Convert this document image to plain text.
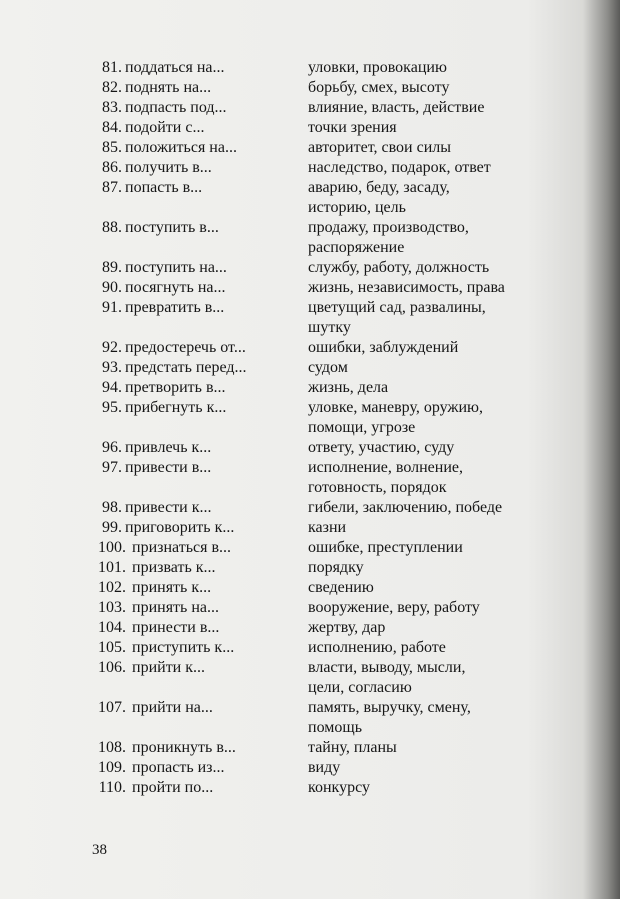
81. поддаться на...	уловки, провокацию
82. поднять на...	борьбу, смех, высоту
83. подпасть под...	влияние, власть, действие
84. подойти с...	точки зрения
85. положиться на...	авторитет, свои силы
86. получить в...	наследство, подарок, ответ
87. попасть в...	аварию, беду, засаду,
историю, цель
88. поступить в...	продажу, производство,
распоряжение
89. поступить на...	службу, работу, должность
90. посягнуть на...	жизнь, независимость, права
91. превратить в...	цветущий сад, развалины,
шутку
92. предостеречь от...	ошибки, заблуждений
93. предстать перед...	судом
94. претворить в...	жизнь, дела
95. прибегнуть к...	уловке, маневру, оружию,
помощи, угрозе
96. привлечь к...	ответу, участию, суду
97. привести в...	исполнение, волнение,
готовность, порядок
98. привести к...	гибели, заключению, победе
99. приговорить к...	казни
100. признаться в...	ошибке, преступлении
101. призвать к...	порядку
102. принять к...	сведению
103. принять на...	вооружение, веру, работу
104. принести в...	жертву, дар
105. приступить к...	исполнению, работе
106. прийти к...	власти, выводу, мысли,
цели, согласию
107. прийти на...	память, выручку, смену,
помощь
108. проникнуть в...	тайну, планы
109. пропасть из...	виду
110. пройти по...	конкурсу
38
